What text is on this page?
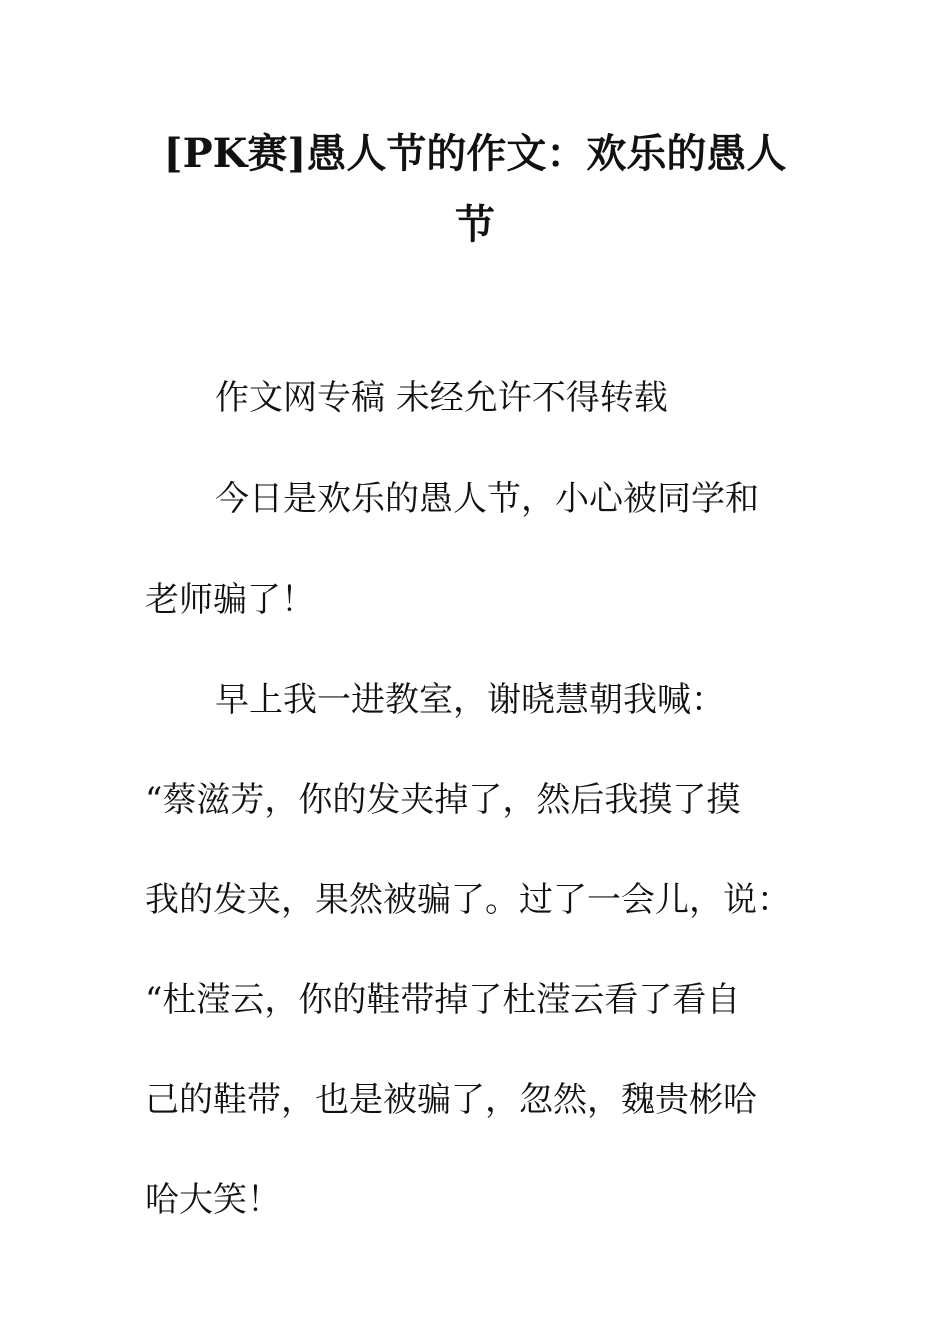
[PK赛]愚人节的作文：欢乐的愚人
节

作文网专稿 未经允许不得转载

今日是欢乐的愚人节，小心被同学和

老师骗了！

早上我一进教室，谢晓慧朝我喊：

“蔡滋芳，你的发夹掉了，然后我摸了摸

我的发夹，果然被骗了。过了一会儿，说：

“杜滢云，你的鞋带掉了杜滢云看了看自

己的鞋带，也是被骗了，忽然，魏贵彬哈

哈大笑！
